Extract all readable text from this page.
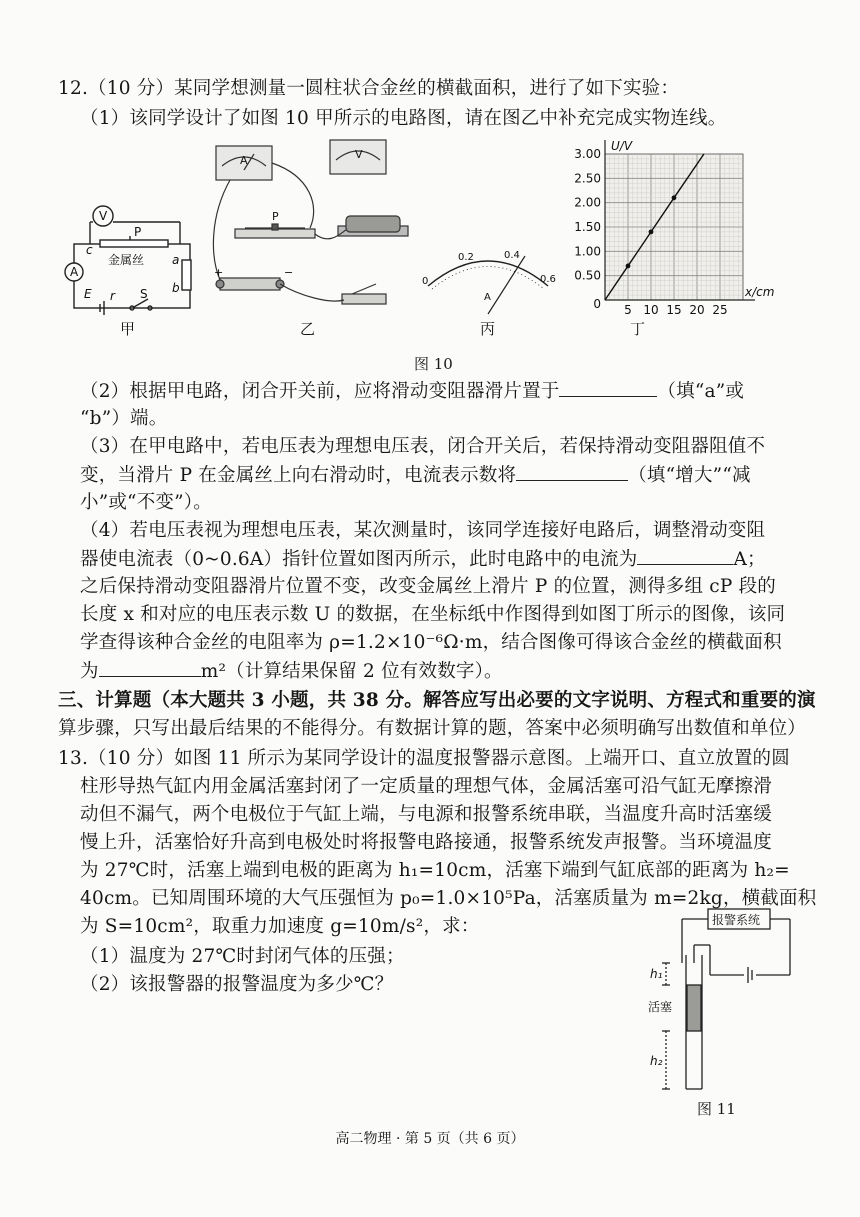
12.（10 分）某同学想测量一圆柱状合金丝的横截面积，进行了如下实验：
（1）该同学设计了如图 10 甲所示的电路图，请在图乙中补充完成实物连线。
V
A
P
c
金属丝 a
b
E r S
甲
A	V
P
+	−
乙
0
0.2	0.4
0.6
A
丙
0.50
1.00
1.50
2.00
2.50
3.00
0 5 10 15 20 25
U/V
x/cm
丁
图 10
（2）根据甲电路，闭合开关前，应将滑动变阻器滑片置于	（填“a”或
“b”）端。
（3）在甲电路中，若电压表为理想电压表，闭合开关后，若保持滑动变阻器阻值不
变，当滑片 P 在金属丝上向右滑动时，电流表示数将	（填“增大”“减
小”或“不变”）。
（4）若电压表视为理想电压表，某次测量时，该同学连接好电路后，调整滑动变阻
器使电流表（0~0.6A）指针位置如图丙所示，此时电路中的电流为	A；
之后保持滑动变阻器滑片位置不变，改变金属丝上滑片 P 的位置，测得多组 cP 段的
长度 x 和对应的电压表示数 U 的数据，在坐标纸中作图得到如图丁所示的图像，该同
学查得该种合金丝的电阻率为 ρ=1.2×10⁻⁶Ω·m，结合图像可得该合金丝的横截面积
为	m²（计算结果保留 2 位有效数字）。
三、计算题（本大题共 3 小题，共 38 分。解答应写出必要的文字说明、方程式和重要的演
算步骤，只写出最后结果的不能得分。有数据计算的题，答案中必须明确写出数值和单位）
13.（10 分）如图 11 所示为某同学设计的温度报警器示意图。上端开口、直立放置的圆
柱形导热气缸内用金属活塞封闭了一定质量的理想气体，金属活塞可沿气缸无摩擦滑
动但不漏气，两个电极位于气缸上端，与电源和报警系统串联，当温度升高时活塞缓
慢上升，活塞恰好升高到电极处时将报警电路接通，报警系统发声报警。当环境温度
为 27℃时，活塞上端到电极的距离为 h₁=10cm，活塞下端到气缸底部的距离为 h₂=
40cm。已知周围环境的大气压强恒为 p₀=1.0×10⁵Pa，活塞质量为 m=2kg，横截面积
为 S=10cm²，取重力加速度 g=10m/s²，求：
（1）温度为 27℃时封闭气体的压强；
（2）该报警器的报警温度为多少℃？
报警系统
活塞
h₁
h₂
图 11
高二物理 · 第 5 页（共 6 页）
